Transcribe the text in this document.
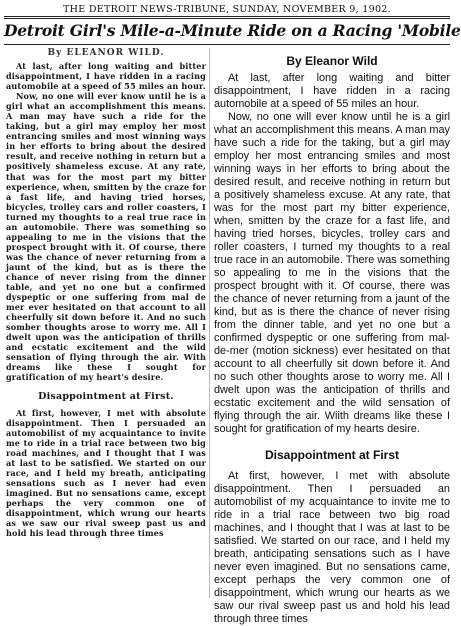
THE DETROIT NEWS-TRIBUNE, SUNDAY, NOVEMBER 9, 1902.
Detroit Girl's Mile-a-Minute Ride on a Racing 'Mobile
By ELEANOR WILD.

At last, after long waiting and bitter disappointment, I have ridden in a racing automobile at a speed of 55 miles an hour.

Now, no one will ever know until he is a girl what an accomplishment this means. A man may have such a ride for the taking, but a girl may employ her most entrancing smiles and most winning ways in her efforts to bring about the desired result, and receive nothing in return but a positively shameless excuse. At any rate, that was for the most part my bitter experience, when, smitten by the craze for a fast life, and having tried horses, bicycles, trolley cars and roller coasters, I turned my thoughts to a real true race in an automobile. There was something so appealing to me in the visions that the prospect brought with it. Of course, there was the chance of never returning from a jaunt of the kind, but as is there the chance of never rising from the dinner table, and yet no one but a confirmed dyspeptic or one suffering from mal de mer ever hesitated on that account to all cheerfully sit down before it. And no such somber thoughts arose to worry me. All I dwelt upon was the anticipation of thrills and ecstatic excitement and the wild sensation of flying through the air. With dreams like these I sought for gratification of my heart's desire.

Disappointment at First.

At first, however, I met with absolute disappointment. Then I persuaded an automobilist of my acquaintance to invite me to ride in a trial race between two big road machines, and I thought that I was at last to be satisfied. We started on our race, and I held my breath, anticipating sensations such as I never had even imagined. But no sensations came, except perhaps the very common one of disappointment, which wrung our hearts as we saw our rival sweep past us and hold his lead through three times

By Eleanor Wild

At last, after long waiting and bitter disappointment, I have ridden in a racing automobile at a speed of 55 miles an hour.

Now, no one will ever know until he is a girl what an accomplishment this means. A man may have such a ride for the taking, but a girl may employ her most entrancing smiles and most winning ways in her efforts to bring about the desired result, and receive nothing in return but a positively shameless excuse. At any rate, that was for the most part my bitter experience, when, smitten by the craze for a fast life, and having tried horses, bicycles, trolley cars and roller coasters, I turned my thoughts to a real true race in an automobile. There was something so appealing to me in the visions that the prospect brought with it. Of course, there was the chance of never returning from a jaunt of the kind, but as is there the chance of never rising from the dinner table, and yet no one but a confirmed dyspeptic or one suffering from mal-de-mer (motion sickness) ever hesitated on that account to all cheerfully sit down before it. And no such other thoughts arose to worry me. All I dwelt upon was the anticipation of thrills and ecstatic excitement and the wild sensation of flying through the air. Wiith dreams like these I sought for gratification of my hearts desire.

Disappointment at First

At first, however, I met with absolute disappointment. Then I persuaded an automobilist of my acquaintance to invite me to ride in a trial race between two big road machines, and I thought that I was at last to be satisfied. We started on our race, and I held my breath, anticipating sensations such as I have never even imagined. But no sensations came, except perhaps the very common one of disappointment, which wrung our hearts as we saw our rival sweep past us and hold his lead through three times
